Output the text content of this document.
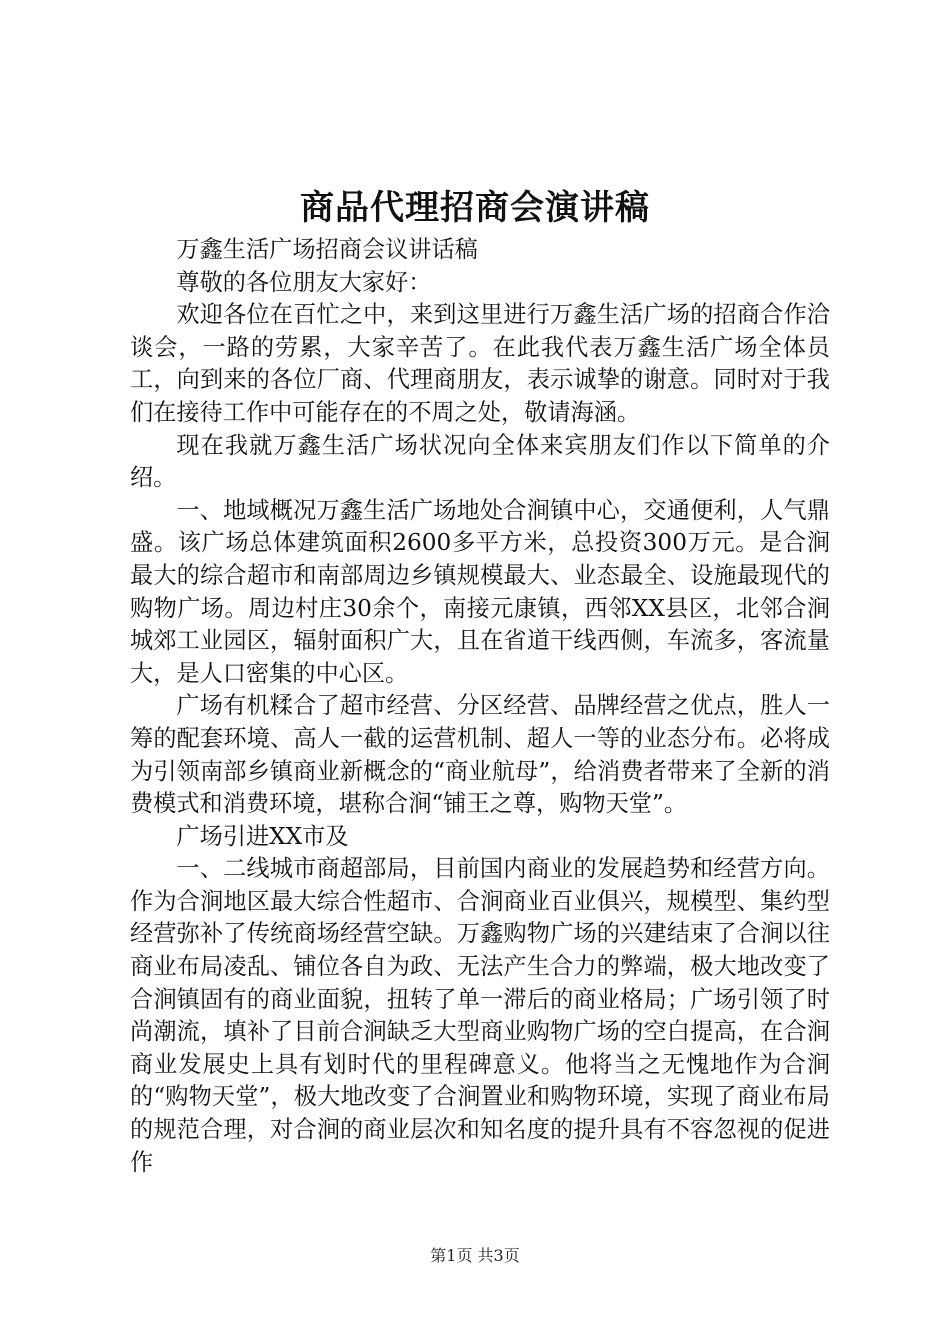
商品代理招商会演讲稿

万鑫生活广场招商会议讲话稿

尊敬的各位朋友大家好：

欢迎各位在百忙之中，来到这里进行万鑫生活广场的招商合作洽谈会，一路的劳累，大家辛苦了。在此我代表万鑫生活广场全体员工，向到来的各位厂商、代理商朋友，表示诚挚的谢意。同时对于我们在接待工作中可能存在的不周之处，敬请海涵。

现在我就万鑫生活广场状况向全体来宾朋友们作以下简单的介绍。

一、地域概况万鑫生活广场地处合涧镇中心，交通便利，人气鼎盛。该广场总体建筑面积2600多平方米，总投资300万元。是合涧最大的综合超市和南部周边乡镇规模最大、业态最全、设施最现代的购物广场。周边村庄30余个，南接元康镇，西邻XX县区，北邻合涧城郊工业园区，辐射面积广大，且在省道干线西侧，车流多，客流量大，是人口密集的中心区。

广场有机糅合了超市经营、分区经营、品牌经营之优点，胜人一筹的配套环境、高人一截的运营机制、超人一等的业态分布。必将成为引领南部乡镇商业新概念的“商业航母”，给消费者带来了全新的消费模式和消费环境，堪称合涧“铺王之尊，购物天堂”。

广场引进XX市及

一、二线城市商超部局，目前国内商业的发展趋势和经营方向。作为合涧地区最大综合性超市、合涧商业百业俱兴，规模型、集约型经营弥补了传统商场经营空缺。万鑫购物广场的兴建结束了合涧以往商业布局凌乱、铺位各自为政、无法产生合力的弊端，极大地改变了合涧镇固有的商业面貌，扭转了单一滞后的商业格局；广场引领了时尚潮流，填补了目前合涧缺乏大型商业购物广场的空白提高，在合涧商业发展史上具有划时代的里程碑意义。他将当之无愧地作为合涧的“购物天堂”，极大地改变了合涧置业和购物环境，实现了商业布局的规范合理，对合涧的商业层次和知名度的提升具有不容忽视的促进作

第1页 共3页
